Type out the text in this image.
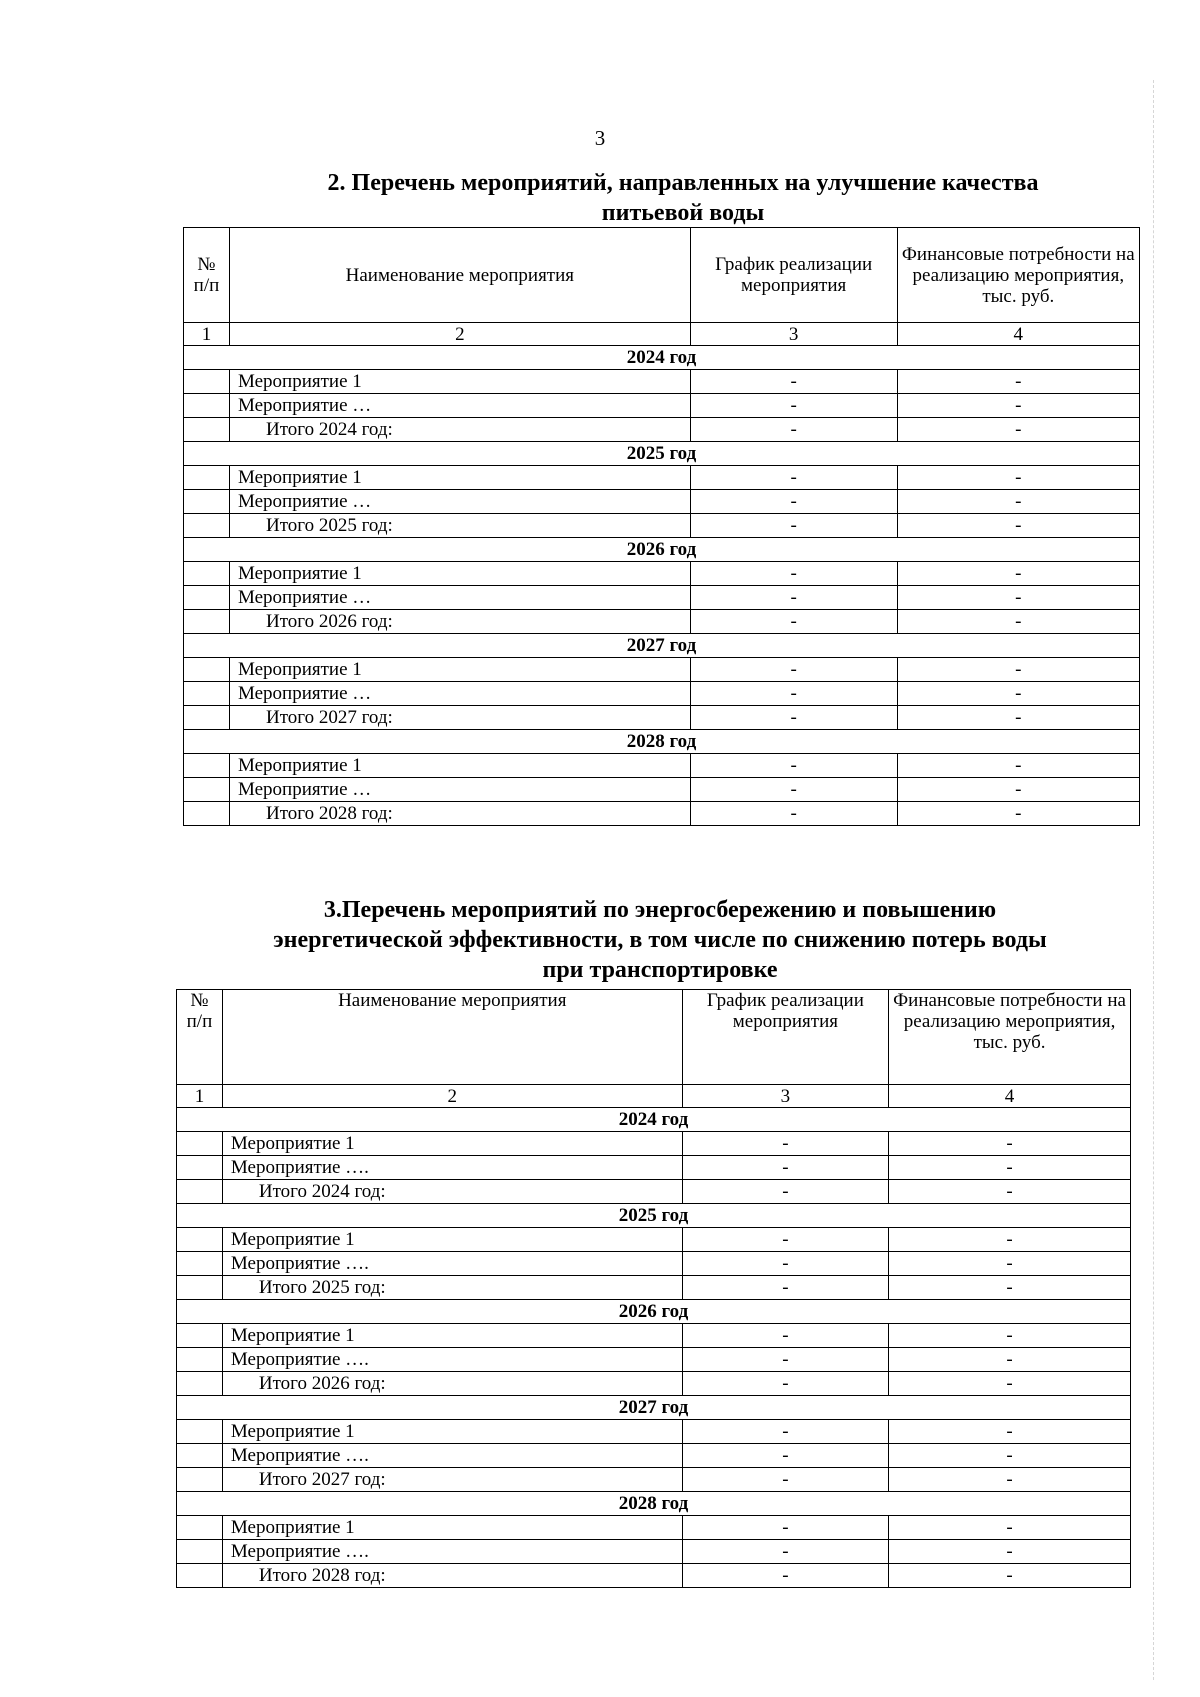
3
2. Перечень мероприятий, направленных на улучшение качества
питьевой воды
№ п/п	Наименование мероприятия	График реализации мероприятия	Финансовые потребности на реализацию мероприятия, тыс. руб.
1	2	3	4
2024 год			
	Мероприятие 1	-	-
	Мероприятие …	-	-
	Итого 2024 год:	-	-
2025 год			
	Мероприятие 1	-	-
	Мероприятие …	-	-
	Итого 2025 год:	-	-
2026 год			
	Мероприятие 1	-	-
	Мероприятие …	-	-
	Итого 2026 год:	-	-
2027 год			
	Мероприятие 1	-	-
	Мероприятие …	-	-
	Итого 2027 год:	-	-
2028 год			
	Мероприятие 1	-	-
	Мероприятие …	-	-
	Итого 2028 год:	-	-
3.Перечень мероприятий по энергосбережению и повышению
энергетической эффективности, в том числе по снижению потерь воды
при транспортировке
№ п/п	Наименование мероприятия	График реализации мероприятия	Финансовые потребности на реализацию мероприятия, тыс. руб.
1	2	3	4
2024 год			
	Мероприятие 1	-	-
	Мероприятие ….	-	-
	Итого 2024 год:	-	-
2025 год			
	Мероприятие 1	-	-
	Мероприятие ….	-	-
	Итого 2025 год:	-	-
2026 год			
	Мероприятие 1	-	-
	Мероприятие ….	-	-
	Итого 2026 год:	-	-
2027 год			
	Мероприятие 1	-	-
	Мероприятие ….	-	-
	Итого 2027 год:	-	-
2028 год			
	Мероприятие 1	-	-
	Мероприятие ….	-	-
	Итого 2028 год:	-	-
